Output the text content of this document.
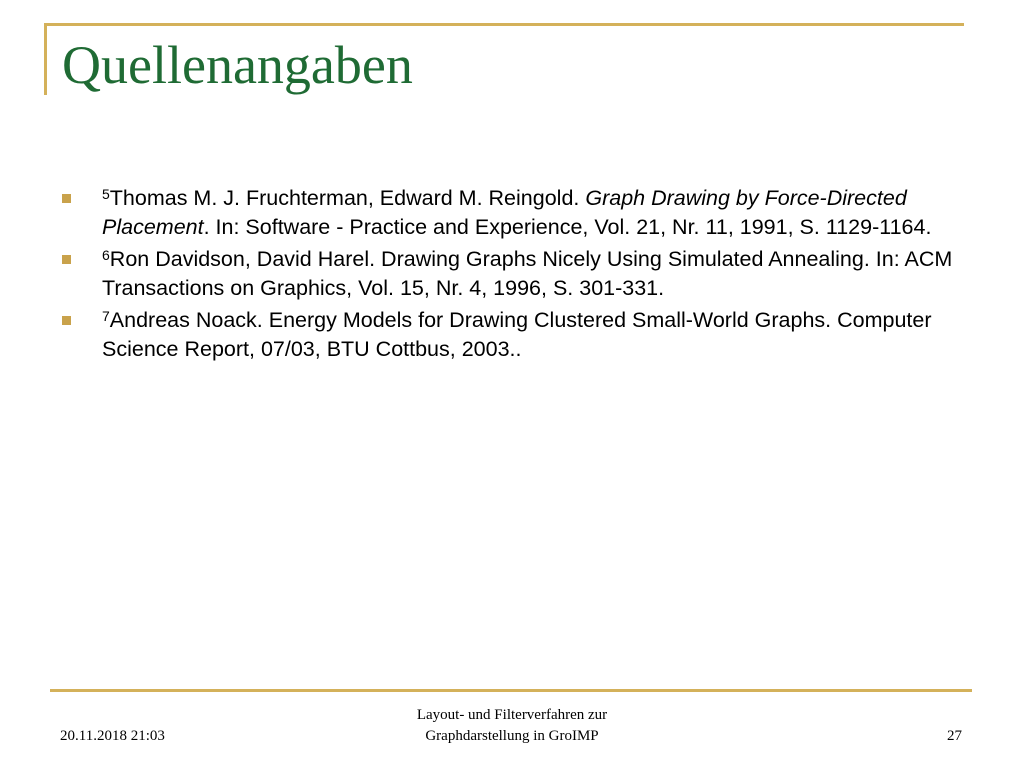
Quellenangaben
$^5$Thomas M. J. Fruchterman, Edward M. Reingold. Graph Drawing by Force-Directed Placement. In: Software - Practice and Experience, Vol. 21, Nr. 11, 1991, S. 1129-1164.
$^6$Ron Davidson, David Harel. Drawing Graphs Nicely Using Simulated Annealing. In: ACM Transactions on Graphics, Vol. 15, Nr. 4, 1996, S. 301-331.
$^7$Andreas Noack. Energy Models for Drawing Clustered Small-World Graphs. Computer Science Report, 07/03, BTU Cottbus, 2003..
20.11.2018 21:03
Layout- und Filterverfahren zur
Graphdarstellung in GroIMP	27
